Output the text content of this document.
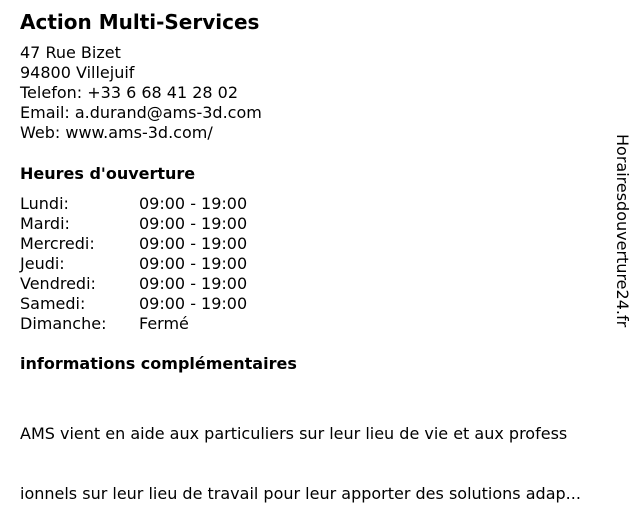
Action Multi-Services
47 Rue Bizet
94800 Villejuif
Telefon: +33 6 68 41 28 02
Email: a.durand@ams-3d.com
Web: www.ams-3d.com/
Heures d'ouverture
Lundi:	09:00 - 19:00
Mardi:	09:00 - 19:00
Mercredi:	09:00 - 19:00
Jeudi:	09:00 - 19:00
Vendredi:	09:00 - 19:00
Samedi:	09:00 - 19:00
Dimanche: Fermé
informations complémentaires

AMS vient en aide aux particuliers sur leur lieu de vie et aux profess

ionnels sur leur lieu de travail pour leur apporter des solutions adap...

Horairesdouverture24.fr
